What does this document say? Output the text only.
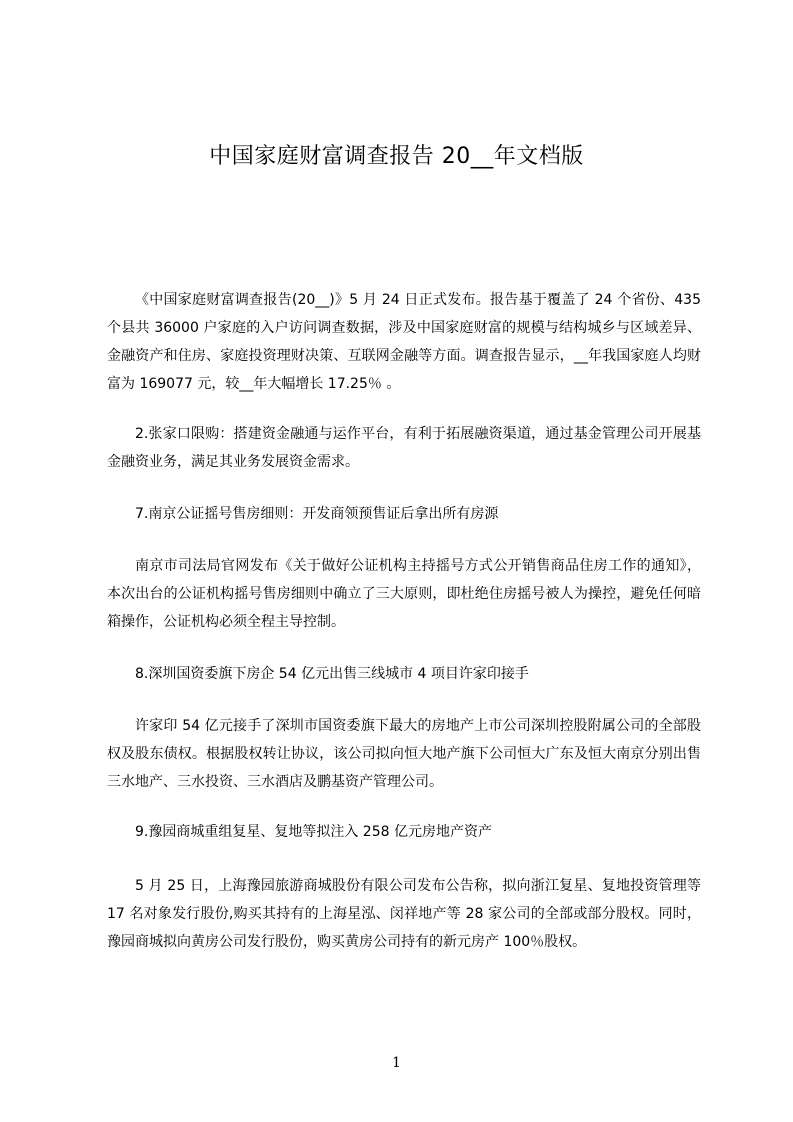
中国家庭财富调查报告 20__年文档版

《中国家庭财富调查报告(20__)》5 月 24 日正式发布。报告基于覆盖了 24 个省份、435 个县共 36000 户家庭的入户访问调查数据，涉及中国家庭财富的规模与结构城乡与区域差异、金融资产和住房、家庭投资理财决策、互联网金融等方面。调查报告显示，__年我国家庭人均财富为 169077 元，较__年大幅增长 17.25％ 。

2.张家口限购：搭建资金融通与运作平台，有利于拓展融资渠道，通过基金管理公司开展基金融资业务，满足其业务发展资金需求。

7.南京公证摇号售房细则：开发商领预售证后拿出所有房源

南京市司法局官网发布《关于做好公证机构主持摇号方式公开销售商品住房工作的通知》，本次出台的公证机构摇号售房细则中确立了三大原则，即杜绝住房摇号被人为操控，避免任何暗箱操作，公证机构必须全程主导控制。

8.深圳国资委旗下房企 54 亿元出售三线城市 4 项目许家印接手

许家印 54 亿元接手了深圳市国资委旗下最大的房地产上市公司深圳控股附属公司的全部股权及股东债权。根据股权转让协议，该公司拟向恒大地产旗下公司恒大广东及恒大南京分别出售三水地产、三水投资、三水酒店及鹏基资产管理公司。

9.豫园商城重组复星、复地等拟注入 258 亿元房地产资产

5 月 25 日，上海豫园旅游商城股份有限公司发布公告称，拟向浙江复星、复地投资管理等 17 名对象发行股份,购买其持有的上海星泓、闵祥地产等 28 家公司的全部或部分股权。同时，豫园商城拟向黄房公司发行股份，购买黄房公司持有的新元房产 100％股权。

1
